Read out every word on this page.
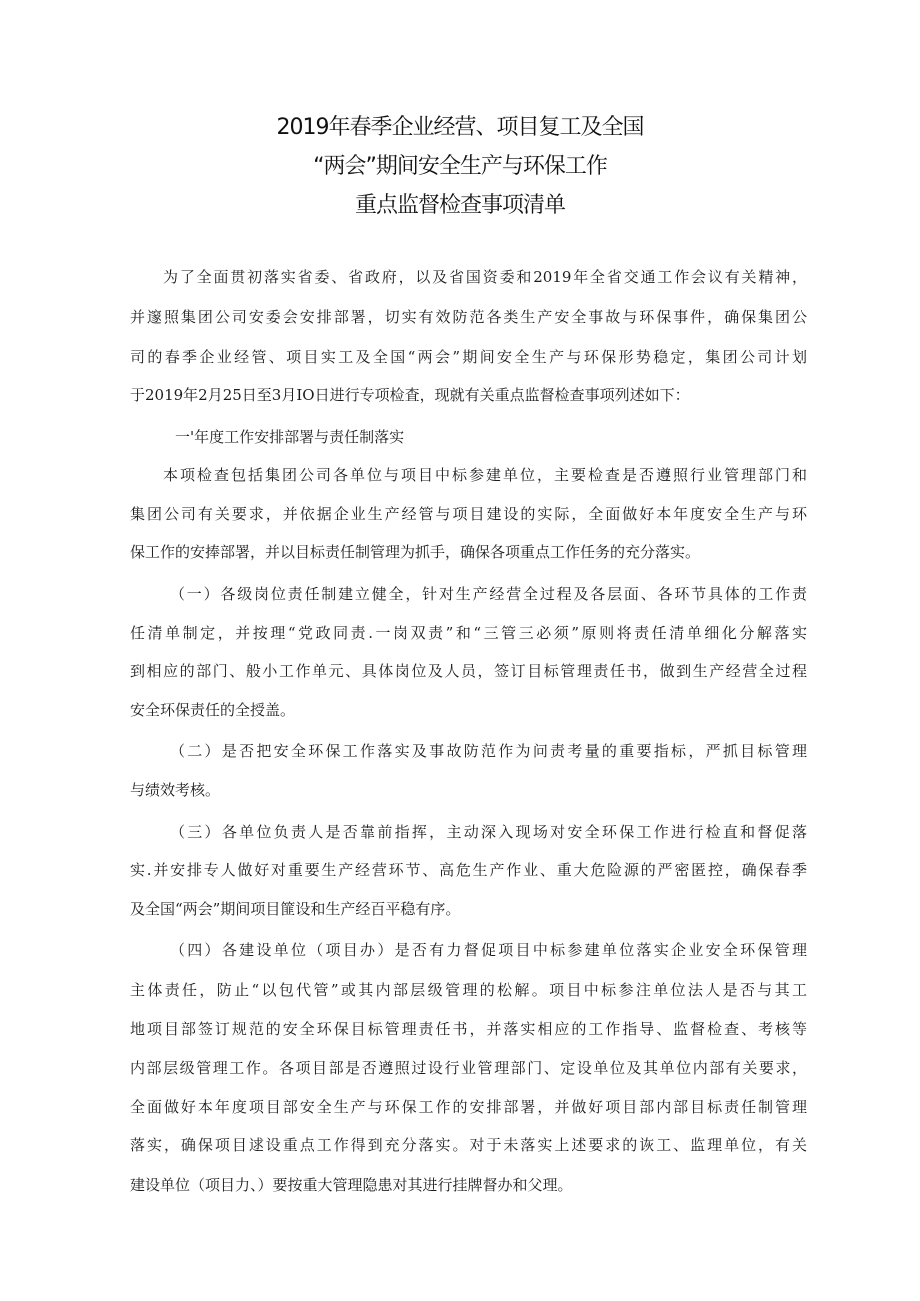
2019年春季企业经营、项目复工及全国
“两会”期间安全生产与环保工作
重点监督检查事项清单
为了全面贯初落实省委、省政府，以及省国资委和2019年全省交通工作会议有关精神，
并邃照集团公司安委会安排部署，切实有效防范各类生产安全事故与环保事件，确保集团公
司的春季企业经管、项目实工及全国“两会”期间安全生产与环保形势稳定，集团公司计划
于2019年2月25日至3月IO日进行专项检査，现就有关重点监督检查事项列述如下：
一'年度工作安排部署与责任制落实
本项检查包括集团公司各单位与项目中标参建单位，主要检查是否遵照行业管理部门和
集团公司有关要求，并依据企业生产经管与项目建设的实际，全面做好本年度安全生产与环
保工作的安捧部署，并以目标责任制管理为抓手，确保各项重点工作任务的充分落实。
（一）各级岗位责任制建立健全，针对生产经营全过程及各层面、各环节具体的工作责
任清单制定，并按理“党政同责.一岗双责”和“三管三必须”原则将责任清单细化分解落实
到相应的部门、般小工作单元、具体岗位及人员，签订目标管理责任书，做到生产经营全过程
安全环保责任的全授盖。
（二）是否把安全环保工作落实及事故防范作为问责考量的重要指标，严抓目标管理
与绩效考核。
（三）各单位负责人是否靠前指挥，主动深入现场对安全环保工作进行检直和督促落
实.并安排专人做好对重要生产经营环节、高危生产作业、重大危险源的严密匿控，确保春季
及全国“两会”期间项目篚设和生产经百平稳有序。
（四）各建设单位（项目办）是否有力督促项目中标参建单位落实企业安全环保管理
主体责任，防止“以包代管”或其内部层级管理的松解。项目中标参注单位法人是否与其工
地项目部签订规范的安全环保目标管理责任书，并落实相应的工作指导、监督检查、考核等
内部层级管理工作。各项目部是否遵照过设行业管理部门、定设单位及其单位内部有关要求，
全面做好本年度项目部安全生产与环保工作的安排部署，并做好项目部内部目标责任制管理
落实，确保项目逑设重点工作得到充分落实。对于未落实上述要求的诙工、监理单位，有关
建设单位（项目力、）要按重大管理隐患对其进行挂牌督办和父理。
